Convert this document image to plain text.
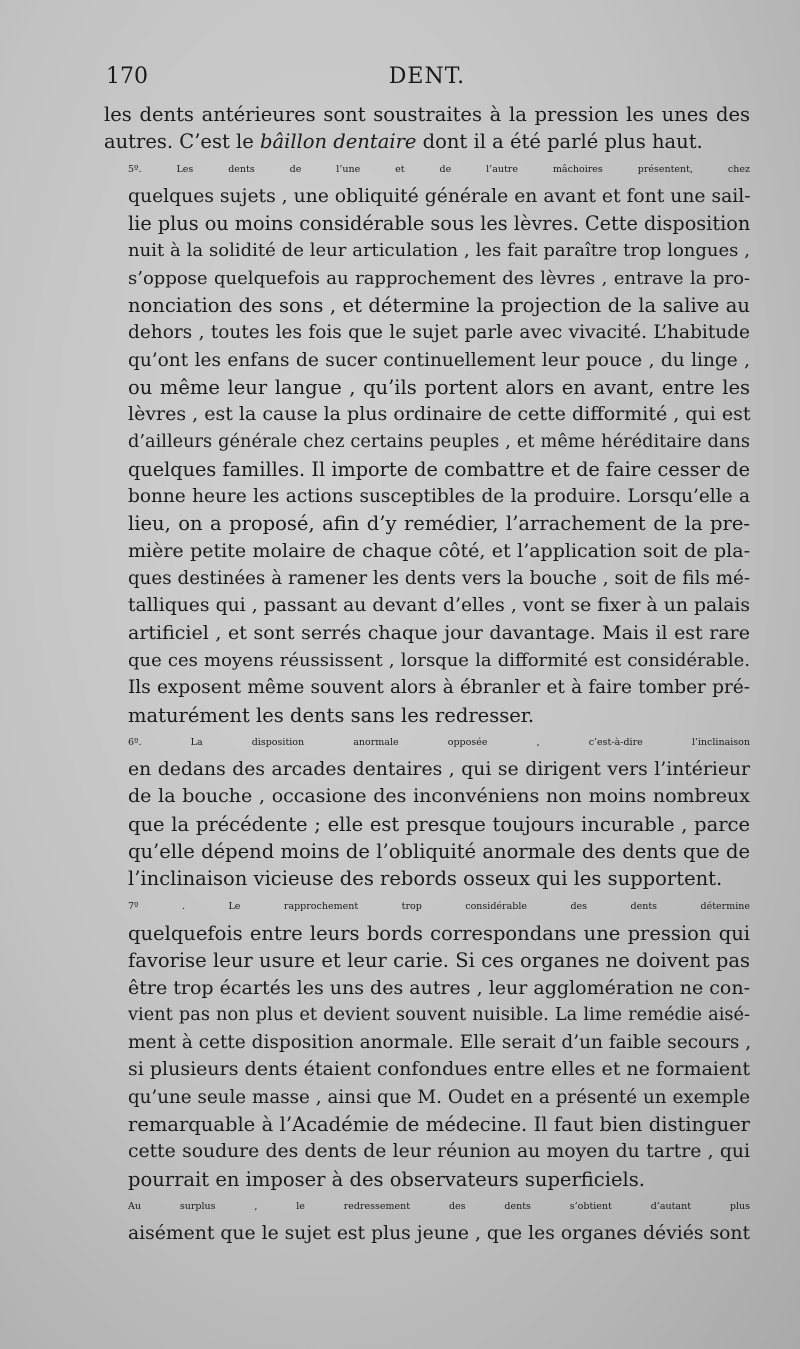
170	DENT.

les dents antérieures sont soustraites à la pression les unes des
autres. C’est le bâillon dentaire dont il a été parlé plus haut.

5º. Les dents de l’une et de l’autre mâchoires présentent, chez
quelques sujets , une obliquité générale en avant et font une sail-
lie plus ou moins considérable sous les lèvres. Cette disposition
nuit à la solidité de leur articulation , les fait paraître trop longues ,
s’oppose quelquefois au rapprochement des lèvres , entrave la pro-
nonciation des sons , et détermine la projection de la salive au
dehors , toutes les fois que le sujet parle avec vivacité. L’habitude
qu’ont les enfans de sucer continuellement leur pouce , du linge ,
ou même leur langue , qu’ils portent alors en avant, entre les
lèvres , est la cause la plus ordinaire de cette difformité , qui est
d’ailleurs générale chez certains peuples , et même héréditaire dans
quelques familles. Il importe de combattre et de faire cesser de
bonne heure les actions susceptibles de la produire. Lorsqu’elle a
lieu, on a proposé, afin d’y remédier, l’arrachement de la pre-
mière petite molaire de chaque côté, et l’application soit de pla-
ques destinées à ramener les dents vers la bouche , soit de fils mé-
talliques qui , passant au devant d’elles , vont se fixer à un palais
artificiel , et sont serrés chaque jour davantage. Mais il est rare
que ces moyens réussissent , lorsque la difformité est considérable.
Ils exposent même souvent alors à ébranler et à faire tomber pré-
maturément les dents sans les redresser.

6º. La disposition anormale opposée , c’est-à-dire l’inclinaison
en dedans des arcades dentaires , qui se dirigent vers l’intérieur
de la bouche , occasione des inconvéniens non moins nombreux
que la précédente ; elle est presque toujours incurable , parce
qu’elle dépend moins de l’obliquité anormale des dents que de
l’inclinaison vicieuse des rebords osseux qui les supportent.

7º . Le rapprochement trop considérable des dents détermine
quelquefois entre leurs bords correspondans une pression qui
favorise leur usure et leur carie. Si ces organes ne doivent pas
être trop écartés les uns des autres , leur agglomération ne con-
vient pas non plus et devient souvent nuisible. La lime remédie aisé-
ment à cette disposition anormale. Elle serait d’un faible secours ,
si plusieurs dents étaient confondues entre elles et ne formaient
qu’une seule masse , ainsi que M. Oudet en a présenté un exemple
remarquable à l’Académie de médecine. Il faut bien distinguer
cette soudure des dents de leur réunion au moyen du tartre , qui
pourrait en imposer à des observateurs superficiels.

Au surplus , le redressement des dents s’obtient d’autant plus
aisément que le sujet est plus jeune , que les organes déviés sont
